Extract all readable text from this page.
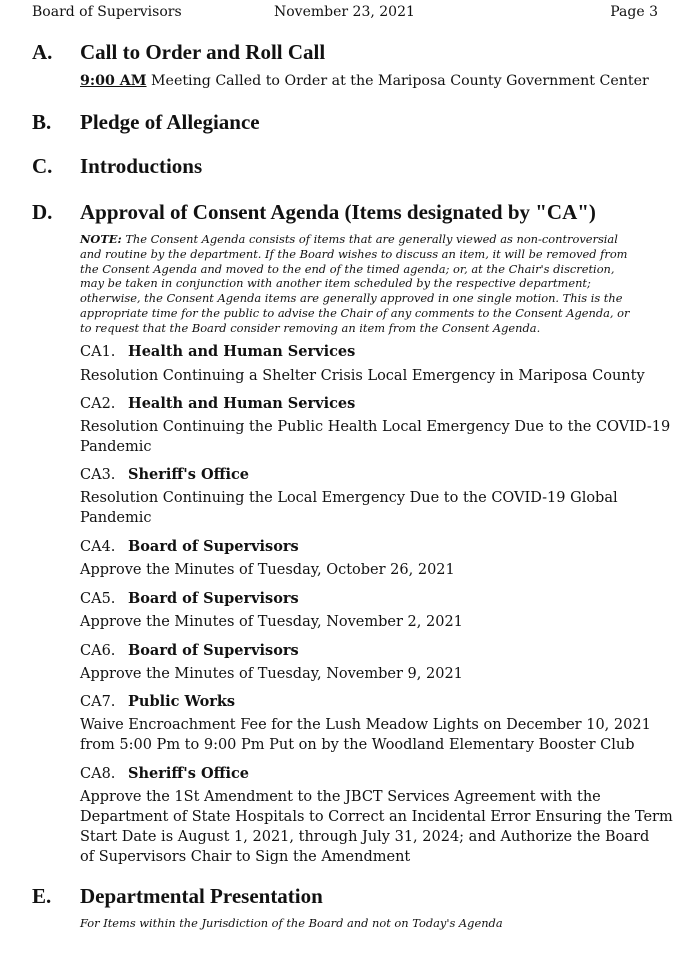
Board of Supervisors	November 23, 2021	Page 3
A. Call to Order and Roll Call
9:00 AM Meeting Called to Order at the Mariposa County Government Center
B. Pledge of Allegiance
C. Introductions
D. Approval of Consent Agenda (Items designated by "CA")
NOTE: The Consent Agenda consists of items that are generally viewed as non-controversial
and routine by the department. If the Board wishes to discuss an item, it will be removed from
the Consent Agenda and moved to the end of the timed agenda; or, at the Chair's discretion,
may be taken in conjunction with another item scheduled by the respective department;
otherwise, the Consent Agenda items are generally approved in one single motion. This is the
appropriate time for the public to advise the Chair of any comments to the Consent Agenda, or
to request that the Board consider removing an item from the Consent Agenda.
CA1. Health and Human Services
Resolution Continuing a Shelter Crisis Local Emergency in Mariposa County
CA2. Health and Human Services
Resolution Continuing the Public Health Local Emergency Due to the COVID-19
Pandemic
CA3. Sheriff's Office
Resolution Continuing the Local Emergency Due to the COVID-19 Global
Pandemic
CA4. Board of Supervisors
Approve the Minutes of Tuesday, October 26, 2021
CA5. Board of Supervisors
Approve the Minutes of Tuesday, November 2, 2021
CA6. Board of Supervisors
Approve the Minutes of Tuesday, November 9, 2021
CA7. Public Works
Waive Encroachment Fee for the Lush Meadow Lights on December 10, 2021
from 5:00 Pm to 9:00 Pm Put on by the Woodland Elementary Booster Club
CA8. Sheriff's Office
Approve the 1St Amendment to the JBCT Services Agreement with the
Department of State Hospitals to Correct an Incidental Error Ensuring the Term
Start Date is August 1, 2021, through July 31, 2024; and Authorize the Board
of Supervisors Chair to Sign the Amendment
E. Departmental Presentation
For Items within the Jurisdiction of the Board and not on Today's Agenda
